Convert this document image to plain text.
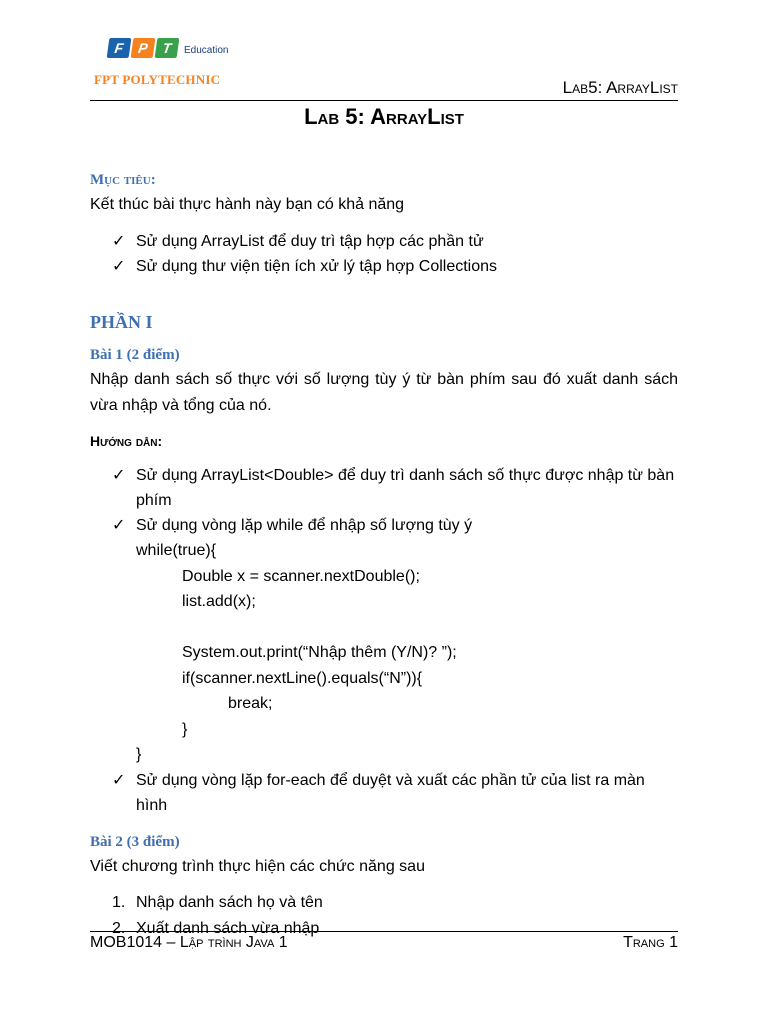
F P T	Education
FPT POLYTECHNIC	Lab5: ArrayList
Lab 5: ArrayList
Mục tiêu:

Kết thúc bài thực hành này bạn có khả năng

✓ Sử dụng ArrayList để duy trì tập hợp các phần tử
✓ Sử dụng thư viện tiện ích xử lý tập hợp Collections
PHẦN I
Bài 1 (2 điểm)

Nhập danh sách số thực với số lượng tùy ý từ bàn phím sau đó xuất danh sách vừa nhập và tổng của nó.

Hướng dẫn:
✓ Sử dụng ArrayList<Double> để duy trì danh sách số thực được nhập từ bàn phím
✓ Sử dụng vòng lặp while để nhập số lượng tùy ý
while(true){
Double x = scanner.nextDouble();
list.add(x);

System.out.print(“Nhập thêm (Y/N)? ”);
if(scanner.nextLine().equals(“N”)){
break;
}
}
✓ Sử dụng vòng lặp for-each để duyệt và xuất các phần tử của list ra màn hình
Bài 2 (3 điểm)

Viết chương trình thực hiện các chức năng sau

1. Nhập danh sách họ và tên
2. Xuất danh sách vừa nhập
MOB1014 – Lập trình Java 1	Trang 1
